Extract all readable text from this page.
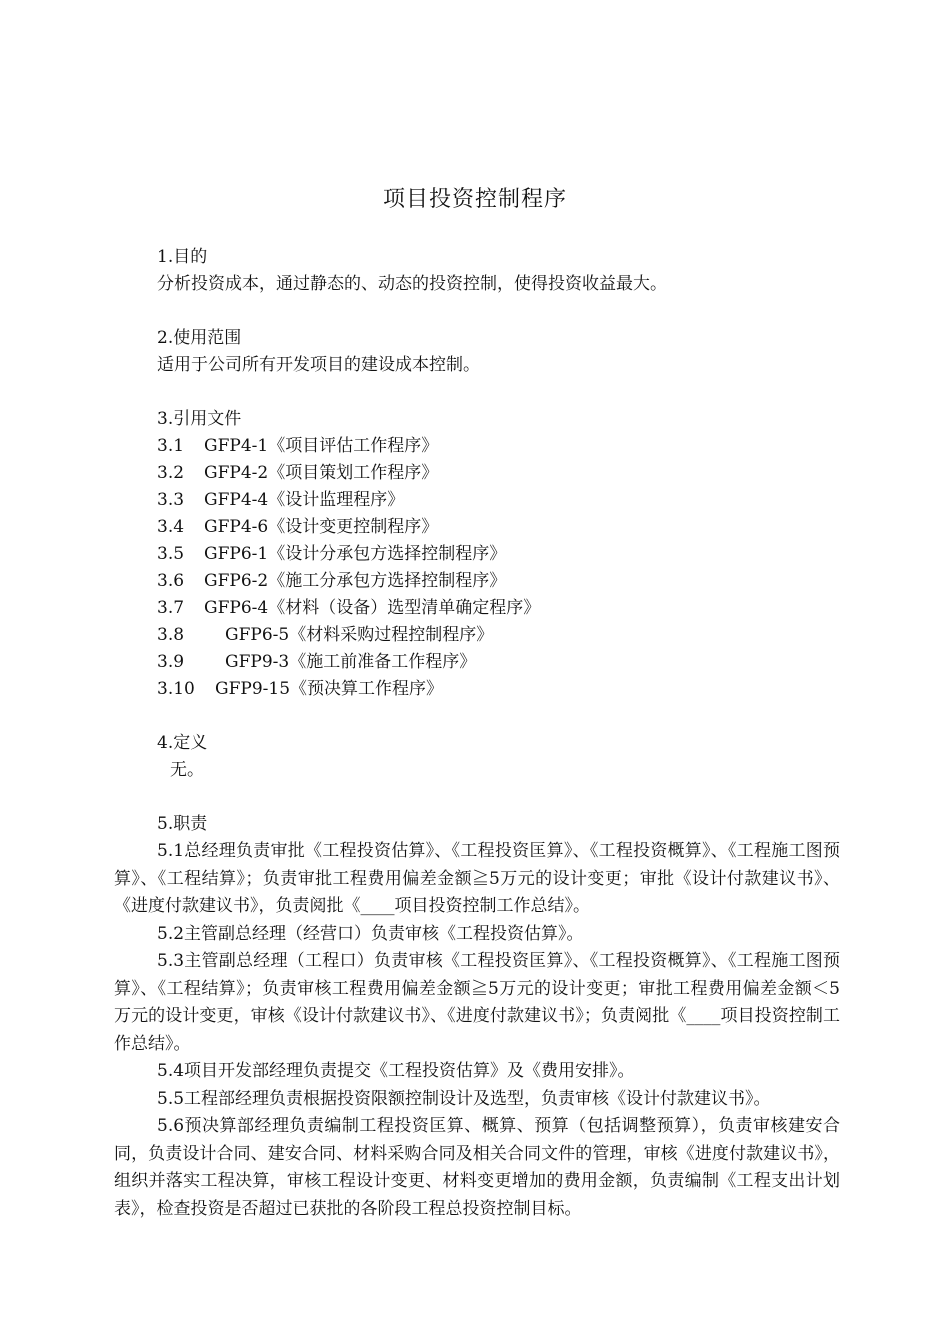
项目投资控制程序
1.目的
分析投资成本，通过静态的、动态的投资控制，使得投资收益最大。
2.使用范围
适用于公司所有开发项目的建设成本控制。
3.引用文件
3.1	GFP4-1《项目评估工作程序》
3.2	GFP4-2《项目策划工作程序》
3.3	GFP4-4《设计监理程序》
3.4	GFP4-6《设计变更控制程序》
3.5	GFP6-1《设计分承包方选择控制程序》
3.6	GFP6-2《施工分承包方选择控制程序》
3.7	GFP6-4《材料（设备）选型清单确定程序》
3.8	GFP6-5《材料采购过程控制程序》
3.9	GFP9-3《施工前准备工作程序》
3.10	GFP9-15《预决算工作程序》
4.定义
无。
5.职责

5.1总经理负责审批《工程投资估算》、《工程投资匡算》、《工程投资概算》、《工程施工图预算》、《工程结算》；负责审批工程费用偏差金额≧5万元的设计变更；审批《设计付款建议书》、《进度付款建议书》，负责阅批《____项目投资控制工作总结》。

5.2主管副总经理（经营口）负责审核《工程投资估算》。

5.3主管副总经理（工程口）负责审核《工程投资匡算》、《工程投资概算》、《工程施工图预算》、《工程结算》；负责审核工程费用偏差金额≧5万元的设计变更；审批工程费用偏差金额＜5万元的设计变更，审核《设计付款建议书》、《进度付款建议书》；负责阅批《____项目投资控制工作总结》。

5.4项目开发部经理负责提交《工程投资估算》及《费用安排》。

5.5工程部经理负责根据投资限额控制设计及选型，负责审核《设计付款建议书》。

5.6预决算部经理负责编制工程投资匡算、概算、预算（包括调整预算），负责审核建安合同，负责设计合同、建安合同、材料采购合同及相关合同文件的管理，审核《进度付款建议书》，组织并落实工程决算，审核工程设计变更、材料变更增加的费用金额，负责编制《工程支出计划表》，检查投资是否超过已获批的各阶段工程总投资控制目标。
